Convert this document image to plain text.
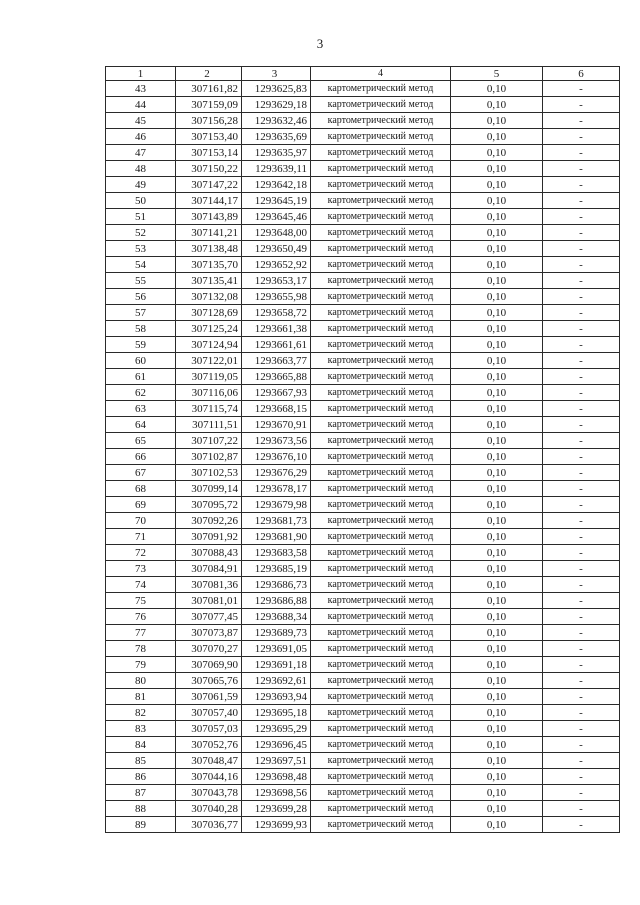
3
1	2	3	4	5	6
43	307161,82	1293625,83	картометрический метод	0,10	-
44	307159,09	1293629,18	картометрический метод	0,10	-
45	307156,28	1293632,46	картометрический метод	0,10	-
46	307153,40	1293635,69	картометрический метод	0,10	-
47	307153,14	1293635,97	картометрический метод	0,10	-
48	307150,22	1293639,11	картометрический метод	0,10	-
49	307147,22	1293642,18	картометрический метод	0,10	-
50	307144,17	1293645,19	картометрический метод	0,10	-
51	307143,89	1293645,46	картометрический метод	0,10	-
52	307141,21	1293648,00	картометрический метод	0,10	-
53	307138,48	1293650,49	картометрический метод	0,10	-
54	307135,70	1293652,92	картометрический метод	0,10	-
55	307135,41	1293653,17	картометрический метод	0,10	-
56	307132,08	1293655,98	картометрический метод	0,10	-
57	307128,69	1293658,72	картометрический метод	0,10	-
58	307125,24	1293661,38	картометрический метод	0,10	-
59	307124,94	1293661,61	картометрический метод	0,10	-
60	307122,01	1293663,77	картометрический метод	0,10	-
61	307119,05	1293665,88	картометрический метод	0,10	-
62	307116,06	1293667,93	картометрический метод	0,10	-
63	307115,74	1293668,15	картометрический метод	0,10	-
64	307111,51	1293670,91	картометрический метод	0,10	-
65	307107,22	1293673,56	картометрический метод	0,10	-
66	307102,87	1293676,10	картометрический метод	0,10	-
67	307102,53	1293676,29	картометрический метод	0,10	-
68	307099,14	1293678,17	картометрический метод	0,10	-
69	307095,72	1293679,98	картометрический метод	0,10	-
70	307092,26	1293681,73	картометрический метод	0,10	-
71	307091,92	1293681,90	картометрический метод	0,10	-
72	307088,43	1293683,58	картометрический метод	0,10	-
73	307084,91	1293685,19	картометрический метод	0,10	-
74	307081,36	1293686,73	картометрический метод	0,10	-
75	307081,01	1293686,88	картометрический метод	0,10	-
76	307077,45	1293688,34	картометрический метод	0,10	-
77	307073,87	1293689,73	картометрический метод	0,10	-
78	307070,27	1293691,05	картометрический метод	0,10	-
79	307069,90	1293691,18	картометрический метод	0,10	-
80	307065,76	1293692,61	картометрический метод	0,10	-
81	307061,59	1293693,94	картометрический метод	0,10	-
82	307057,40	1293695,18	картометрический метод	0,10	-
83	307057,03	1293695,29	картометрический метод	0,10	-
84	307052,76	1293696,45	картометрический метод	0,10	-
85	307048,47	1293697,51	картометрический метод	0,10	-
86	307044,16	1293698,48	картометрический метод	0,10	-
87	307043,78	1293698,56	картометрический метод	0,10	-
88	307040,28	1293699,28	картометрический метод	0,10	-
89	307036,77	1293699,93	картометрический метод	0,10	-
